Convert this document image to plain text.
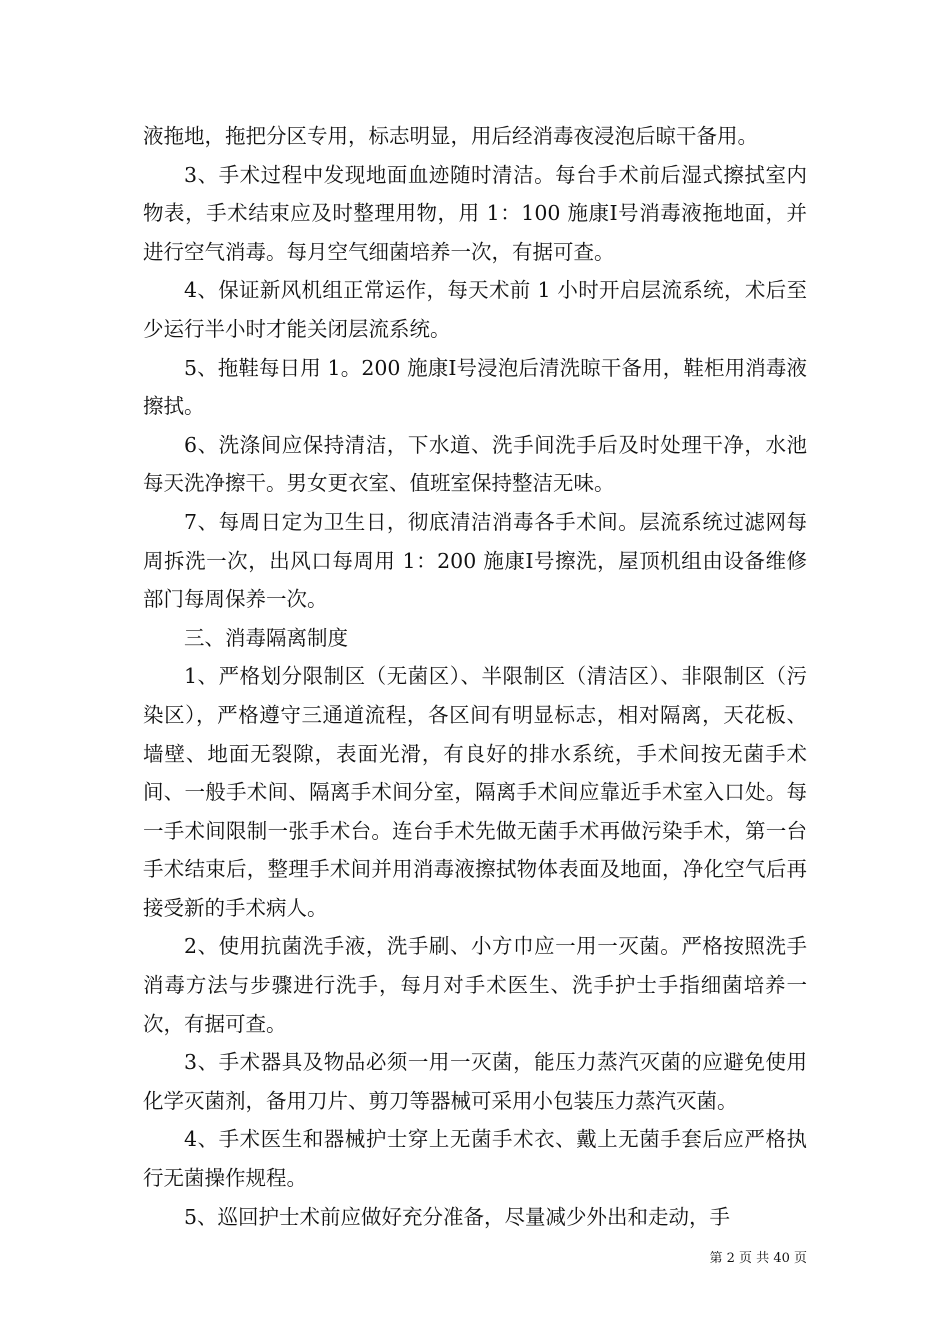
液拖地，拖把分区专用，标志明显，用后经消毒夜浸泡后晾干备用。

3、手术过程中发现地面血迹随时清洁。每台手术前后湿式擦拭室内物表，手术结束应及时整理用物，用 1：100 施康Ⅰ号消毒液拖地面，并进行空气消毒。每月空气细菌培养一次，有据可查。

4、保证新风机组正常运作，每天术前 1 小时开启层流系统，术后至少运行半小时才能关闭层流系统。

5、拖鞋每日用 1。200 施康Ⅰ号浸泡后清洗晾干备用，鞋柜用消毒液擦拭。

6、洗涤间应保持清洁，下水道、洗手间洗手后及时处理干净，水池每天洗净擦干。男女更衣室、值班室保持整洁无味。

7、每周日定为卫生日，彻底清洁消毒各手术间。层流系统过滤网每周拆洗一次，出风口每周用 1：200 施康Ⅰ号擦洗，屋顶机组由设备维修部门每周保养一次。

三、消毒隔离制度

1、严格划分限制区（无菌区）、半限制区（清洁区）、非限制区（污染区），严格遵守三通道流程，各区间有明显标志，相对隔离，天花板、墙壁、地面无裂隙，表面光滑，有良好的排水系统，手术间按无菌手术间、一般手术间、隔离手术间分室，隔离手术间应靠近手术室入口处。每一手术间限制一张手术台。连台手术先做无菌手术再做污染手术，第一台手术结束后，整理手术间并用消毒液擦拭物体表面及地面，净化空气后再接受新的手术病人。

2、使用抗菌洗手液，洗手刷、小方巾应一用一灭菌。严格按照洗手消毒方法与步骤进行洗手，每月对手术医生、洗手护士手指细菌培养一次，有据可查。

3、手术器具及物品必须一用一灭菌，能压力蒸汽灭菌的应避免使用化学灭菌剂，备用刀片、剪刀等器械可采用小包装压力蒸汽灭菌。

4、手术医生和器械护士穿上无菌手术衣、戴上无菌手套后应严格执行无菌操作规程。

5、巡回护士术前应做好充分准备，尽量减少外出和走动，手

第 2 页 共 40 页
